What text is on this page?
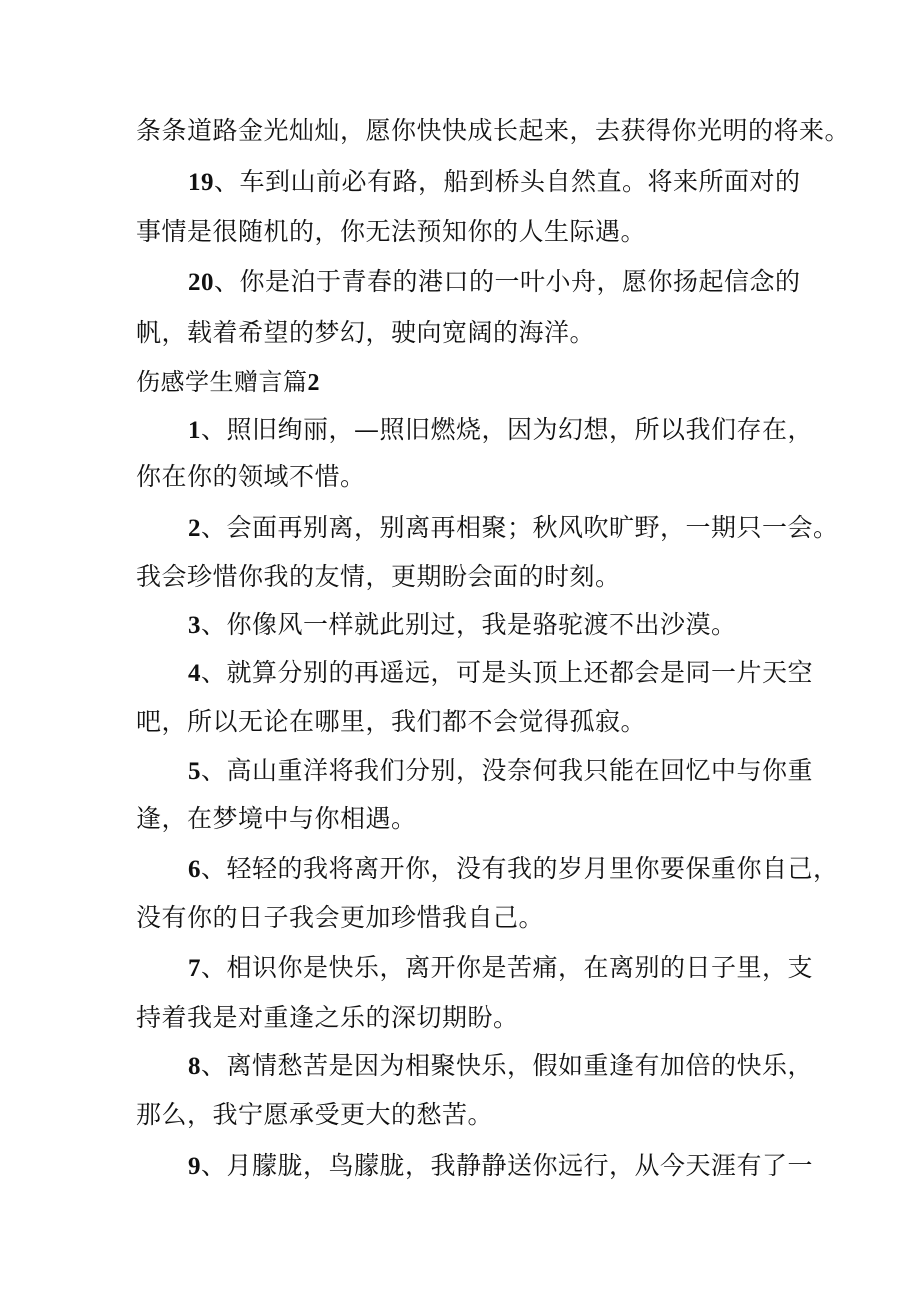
条条道路金光灿灿，愿你快快成长起来，去获得你光明的将来。
19、车到山前必有路，船到桥头自然直。将来所面对的
事情是很随机的，你无法预知你的人生际遇。
20、你是泊于青春的港口的一叶小舟，愿你扬起信念的
帆，载着希望的梦幻，驶向宽阔的海洋。
伤感学生赠言篇2
1、照旧绚丽，—照旧燃烧，因为幻想，所以我们存在，
你在你的领域不惜。
2、会面再别离，别离再相聚；秋风吹旷野，一期只一会。
我会珍惜你我的友情，更期盼会面的时刻。
3、你像风一样就此别过，我是骆驼渡不出沙漠。
4、就算分别的再遥远，可是头顶上还都会是同一片天空
吧，所以无论在哪里，我们都不会觉得孤寂。
5、高山重洋将我们分别，没奈何我只能在回忆中与你重
逢，在梦境中与你相遇。
6、轻轻的我将离开你，没有我的岁月里你要保重你自己，
没有你的日子我会更加珍惜我自己。
7、相识你是快乐，离开你是苦痛，在离别的日子里，支
持着我是对重逢之乐的深切期盼。
8、离情愁苦是因为相聚快乐，假如重逢有加倍的快乐，
那么，我宁愿承受更大的愁苦。
9、月朦胧，鸟朦胧，我静静送你远行，从今天涯有了一
